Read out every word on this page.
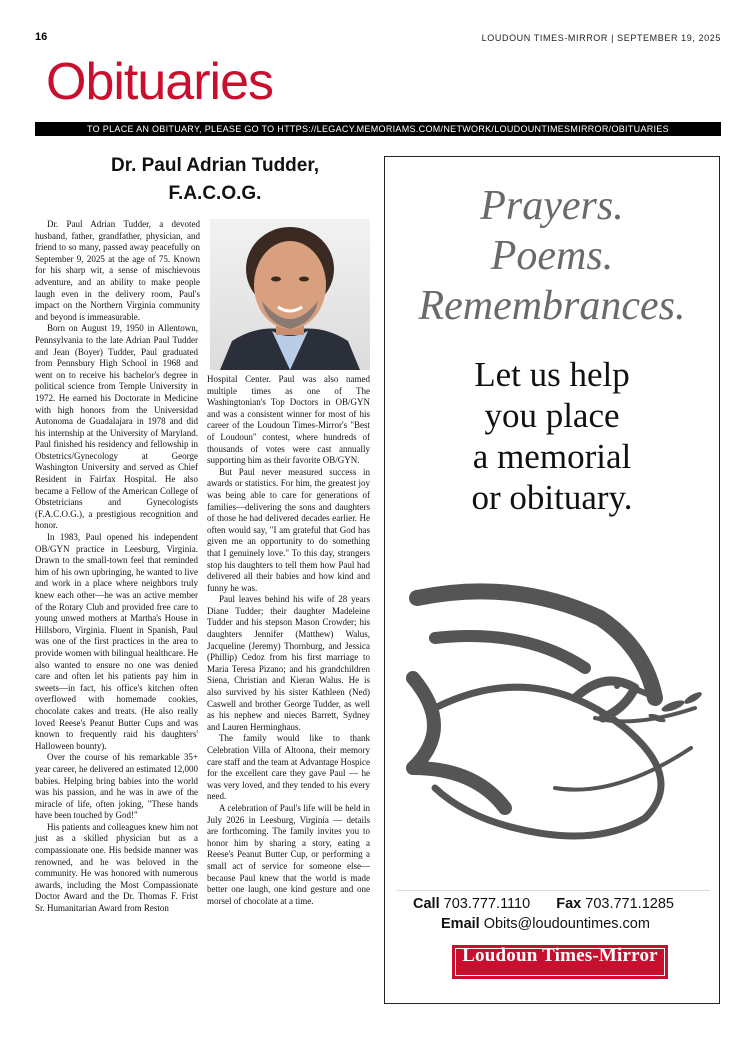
16	LOUDOUN TIMES-MIRROR | SEPTEMBER 19, 2025
Obituaries
TO PLACE AN OBITUARY, PLEASE GO TO HTTPS://LEGACY.MEMORIAMS.COM/NETWORK/LOUDOUNTIMESMIRROR/OBITUARIES
Dr. Paul Adrian Tudder,
F.A.C.O.G.

Dr. Paul Adrian Tudder, a devoted husband, father, grandfather, physician, and friend to so many, passed away peacefully on September 9, 2025 at the age of 75. Known for his sharp wit, a sense of mischievous adventure, and an ability to make people laugh even in the delivery room, Paul's impact on the Northern Virginia community and beyond is immeasurable.

Born on August 19, 1950 in Allentown, Pennsylvania to the late Adrian Paul Tudder and Jean (Boyer) Tudder, Paul graduated from Pennsbury High School in 1968 and went on to receive his bachelor's degree in political science from Temple University in 1972. He earned his Doctorate in Medicine with high honors from the Universidad Autonoma de Guadalajara in 1978 and did his internship at the University of Maryland. Paul finished his residency and fellowship in Obstetrics/Gynecology at George Washington University and served as Chief Resident in Fairfax Hospital. He also became a Fellow of the American College of Obstetricians and Gynecologists (F.A.C.O.G.), a prestigious recognition and honor.

In 1983, Paul opened his independent OB/GYN practice in Leesburg, Virginia. Drawn to the small-town feel that reminded him of his own upbringing, he wanted to live and work in a place where neighbors truly knew each other—he was an active member of the Rotary Club and provided free care to young unwed mothers at Martha's House in Hillsboro, Virginia. Fluent in Spanish, Paul was one of the first practices in the area to provide women with bilingual healthcare. He also wanted to ensure no one was denied care and often let his patients pay him in sweets—in fact, his office's kitchen often overflowed with homemade cookies, chocolate cakes and treats. (He also really loved Reese's Peanut Butter Cups and was known to frequently raid his daughters' Halloween bounty).

Over the course of his remarkable 35+ year career, he delivered an estimated 12,000 babies. Helping bring babies into the world was his passion, and he was in awe of the miracle of life, often joking, "These hands have been touched by God!"

His patients and colleagues knew him not just as a skilled physician but as a compassionate one. His bedside manner was renowned, and he was beloved in the community. He was honored with numerous awards, including the Most Compassionate Doctor Award and the Dr. Thomas F. Frist Sr. Humanitarian Award from Reston

Hospital Center. Paul was also named multiple times as one of The Washingtonian's Top Doctors in OB/GYN and was a consistent winner for most of his career of the Loudoun Times-Mirror's "Best of Loudoun" contest, where hundreds of thousands of votes were cast annually supporting him as their favorite OB/GYN.

But Paul never measured success in awards or statistics. For him, the greatest joy was being able to care for generations of families—delivering the sons and daughters of those he had delivered decades earlier. He often would say, "I am grateful that God has given me an opportunity to do something that I genuinely love." To this day, strangers stop his daughters to tell them how Paul had delivered all their babies and how kind and funny he was.

Paul leaves behind his wife of 28 years Diane Tudder; their daughter Madeleine Tudder and his stepson Mason Crowder; his daughters Jennifer (Matthew) Walus, Jacqueline (Jeremy) Thornburg, and Jessica (Phillip) Cedoz from his first marriage to Maria Teresa Pizano; and his grandchildren Siena, Christian and Kieran Walus. He is also survived by his sister Kathleen (Ned) Caswell and brother George Tudder, as well as his nephew and nieces Barrett, Sydney and Lauren Herminghaus.

The family would like to thank Celebration Villa of Altoona, their memory care staff and the team at Advantage Hospice for the excellent care they gave Paul — he was very loved, and they tended to his every need.

A celebration of Paul's life will be held in July 2026 in Leesburg, Virginia — details are forthcoming. The family invites you to honor him by sharing a story, eating a Reese's Peanut Butter Cup, or performing a small act of service for someone else—because Paul knew that the world is made better one laugh, one kind gesture and one morsel of chocolate at a time.

Prayers.
Poems.
Remembrances.
Let us help
you place
a memorial
or obituary.
Call 703.777.1110 Fax 703.771.1285
Email Obits@loudountimes.com
Loudoun Times-Mirror
